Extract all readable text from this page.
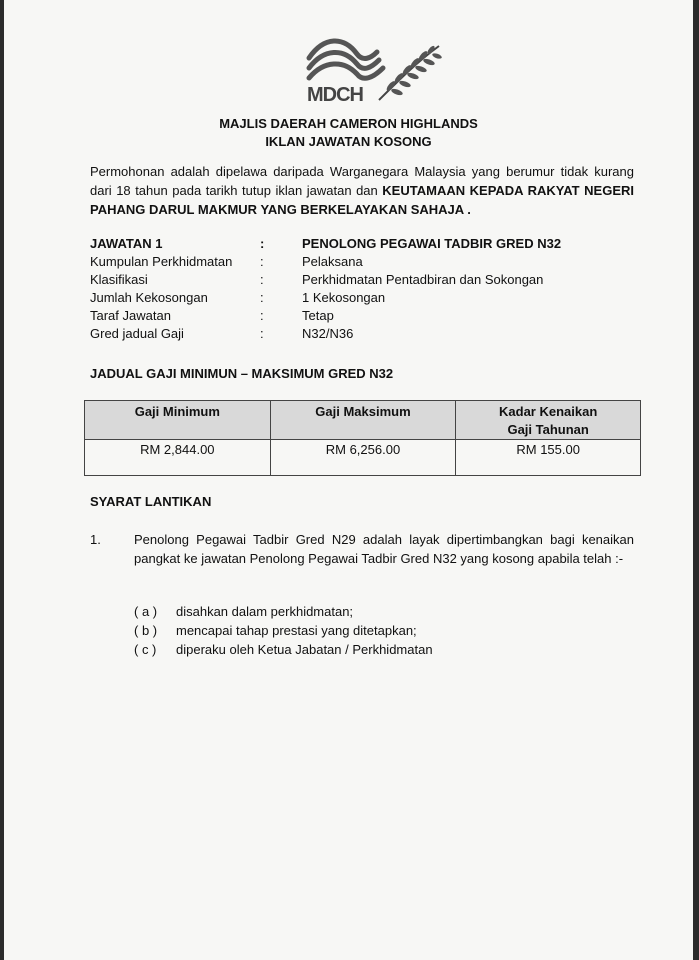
MDCH
MAJLIS DAERAH CAMERON HIGHLANDS
IKLAN JAWATAN KOSONG
Permohonan adalah dipelawa daripada Warganegara Malaysia yang berumur tidak kurang dari 18 tahun pada tarikh tutup iklan jawatan dan KEUTAMAAN KEPADA RAKYAT NEGERI PAHANG DARUL MAKMUR YANG BERKELAYAKAN SAHAJA .
JAWATAN 1	:	PENOLONG PEGAWAI TADBIR GRED N32
Kumpulan Perkhidmatan :	Pelaksana
Klasifikasi	:	Perkhidmatan Pentadbiran dan Sokongan
Jumlah Kekosongan	:	1 Kekosongan
Taraf Jawatan	:	Tetap
Gred jadual Gaji	:	N32/N36
JADUAL GAJI MINIMUN – MAKSIMUM GRED N32
Gaji Minimum	Gaji Maksimum	Kadar Kenaikan
Gaji Tahunan

RM 2,844.00	RM 6,256.00	RM 155.00
SYARAT LANTIKAN
1.	Penolong Pegawai Tadbir Gred N29 adalah layak dipertimbangkan bagi kenaikan pangkat ke jawatan Penolong Pegawai Tadbir Gred N32 yang kosong apabila telah :-
( a ) disahkan dalam perkhidmatan;
( b ) mencapai tahap prestasi yang ditetapkan;
( c ) diperaku oleh Ketua Jabatan / Perkhidmatan
